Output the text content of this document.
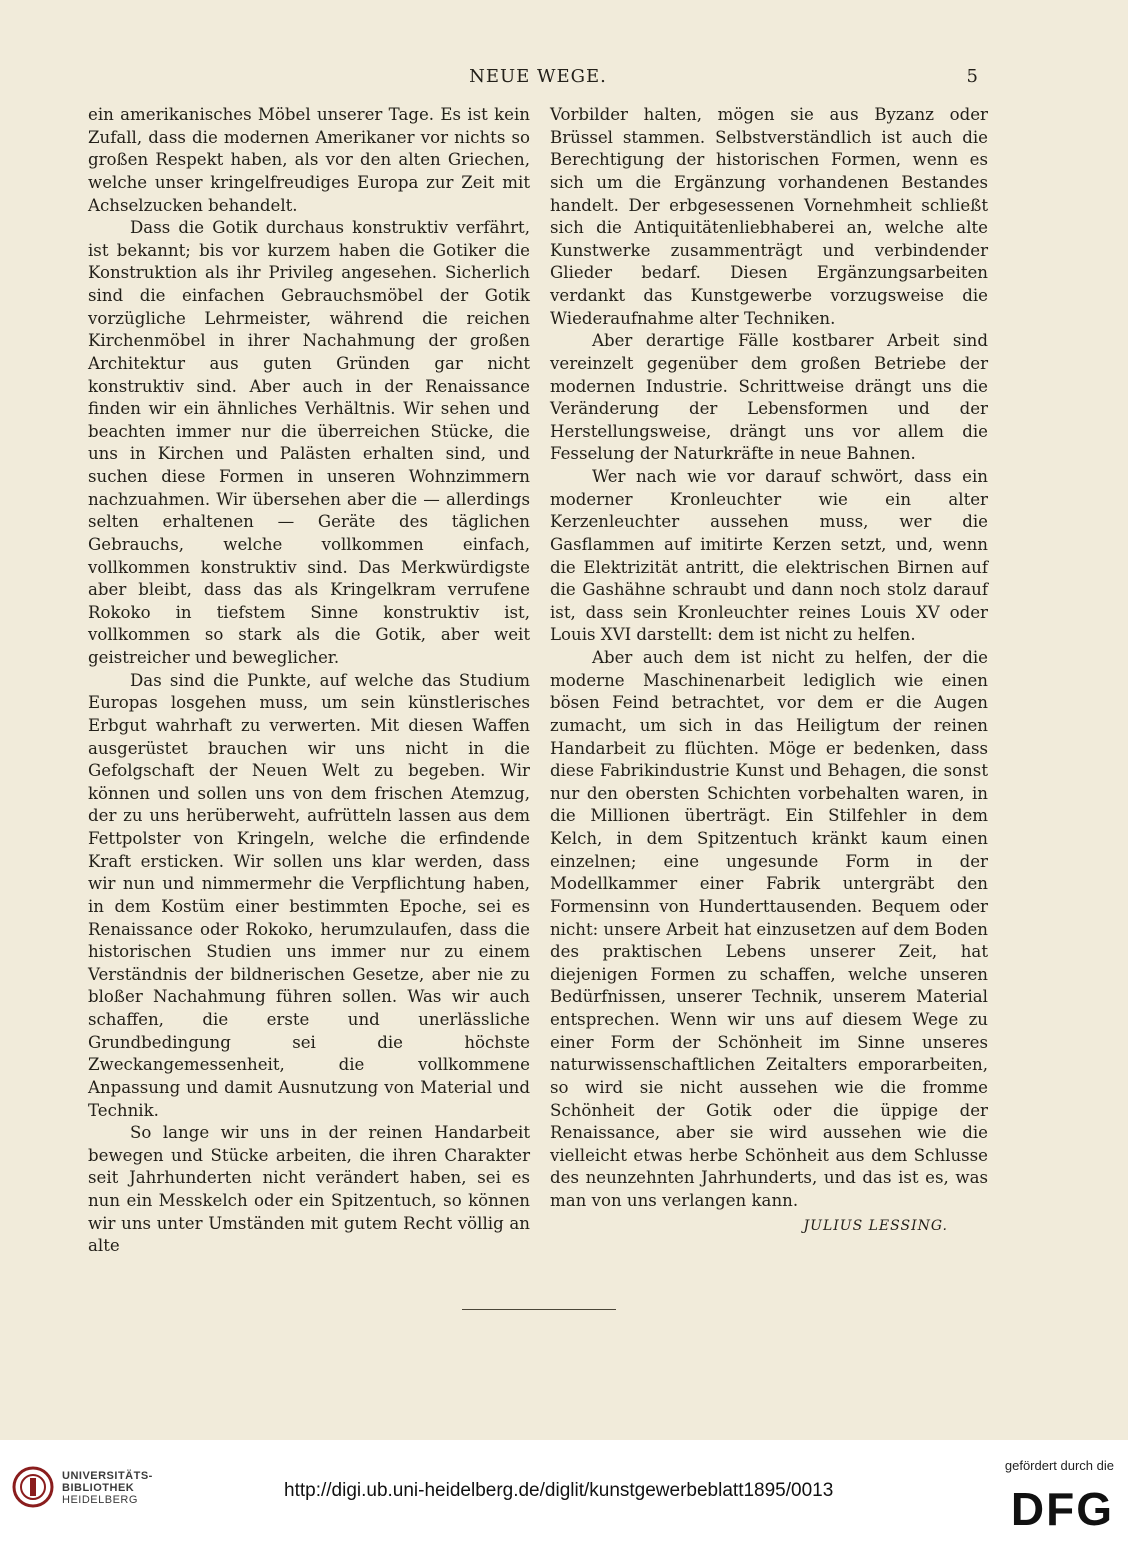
NEUE WEGE.	5

ein amerikanisches Möbel unserer Tage. Es ist kein Zufall, dass die modernen Amerikaner vor nichts so großen Respekt haben, als vor den alten Griechen, welche unser kringelfreudiges Europa zur Zeit mit Achselzucken behandelt.

Dass die Gotik durchaus konstruktiv verfährt, ist bekannt; bis vor kurzem haben die Gotiker die Konstruktion als ihr Privileg angesehen. Sicherlich sind die einfachen Gebrauchsmöbel der Gotik vorzügliche Lehrmeister, während die reichen Kirchenmöbel in ihrer Nachahmung der großen Architektur aus guten Gründen gar nicht konstruktiv sind. Aber auch in der Renaissance finden wir ein ähnliches Verhältnis. Wir sehen und beachten immer nur die überreichen Stücke, die uns in Kirchen und Palästen erhalten sind, und suchen diese Formen in unseren Wohnzimmern nachzuahmen. Wir übersehen aber die — allerdings selten erhaltenen — Geräte des täglichen Gebrauchs, welche vollkommen einfach, vollkommen konstruktiv sind. Das Merkwürdigste aber bleibt, dass das als Kringelkram verrufene Rokoko in tiefstem Sinne konstruktiv ist, vollkommen so stark als die Gotik, aber weit geistreicher und beweglicher.

Das sind die Punkte, auf welche das Studium Europas losgehen muss, um sein künstlerisches Erbgut wahrhaft zu verwerten. Mit diesen Waffen ausgerüstet brauchen wir uns nicht in die Gefolgschaft der Neuen Welt zu begeben. Wir können und sollen uns von dem frischen Atemzug, der zu uns herüberweht, aufrütteln lassen aus dem Fettpolster von Kringeln, welche die erfindende Kraft ersticken. Wir sollen uns klar werden, dass wir nun und nimmermehr die Verpflichtung haben, in dem Kostüm einer bestimmten Epoche, sei es Renaissance oder Rokoko, herumzulaufen, dass die historischen Studien uns immer nur zu einem Verständnis der bildnerischen Gesetze, aber nie zu bloßer Nachahmung führen sollen. Was wir auch schaffen, die erste und unerlässliche Grundbedingung sei die höchste Zweckangemessenheit, die vollkommene Anpassung und damit Ausnutzung von Material und Technik.

So lange wir uns in der reinen Handarbeit bewegen und Stücke arbeiten, die ihren Charakter seit Jahrhunderten nicht verändert haben, sei es nun ein Messkelch oder ein Spitzentuch, so können wir uns unter Umständen mit gutem Recht völlig an alte

Vorbilder halten, mögen sie aus Byzanz oder Brüssel stammen. Selbstverständlich ist auch die Berechtigung der historischen Formen, wenn es sich um die Ergänzung vorhandenen Bestandes handelt. Der erbgesessenen Vornehmheit schließt sich die Antiquitätenliebhaberei an, welche alte Kunstwerke zusammenträgt und verbindender Glieder bedarf. Diesen Ergänzungsarbeiten verdankt das Kunstgewerbe vorzugsweise die Wiederaufnahme alter Techniken.

Aber derartige Fälle kostbarer Arbeit sind vereinzelt gegenüber dem großen Betriebe der modernen Industrie. Schrittweise drängt uns die Veränderung der Lebensformen und der Herstellungsweise, drängt uns vor allem die Fesselung der Naturkräfte in neue Bahnen.

Wer nach wie vor darauf schwört, dass ein moderner Kronleuchter wie ein alter Kerzenleuchter aussehen muss, wer die Gasflammen auf imitirte Kerzen setzt, und, wenn die Elektrizität antritt, die elektrischen Birnen auf die Gashähne schraubt und dann noch stolz darauf ist, dass sein Kronleuchter reines Louis XV oder Louis XVI darstellt: dem ist nicht zu helfen.

Aber auch dem ist nicht zu helfen, der die moderne Maschinenarbeit lediglich wie einen bösen Feind betrachtet, vor dem er die Augen zumacht, um sich in das Heiligtum der reinen Handarbeit zu flüchten. Möge er bedenken, dass diese Fabrikindustrie Kunst und Behagen, die sonst nur den obersten Schichten vorbehalten waren, in die Millionen überträgt. Ein Stilfehler in dem Kelch, in dem Spitzentuch kränkt kaum einen einzelnen; eine ungesunde Form in der Modellkammer einer Fabrik untergräbt den Formensinn von Hunderttausenden. Bequem oder nicht: unsere Arbeit hat einzusetzen auf dem Boden des praktischen Lebens unserer Zeit, hat diejenigen Formen zu schaffen, welche unseren Bedürfnissen, unserer Technik, unserem Material entsprechen. Wenn wir uns auf diesem Wege zu einer Form der Schönheit im Sinne unseres naturwissenschaftlichen Zeitalters emporarbeiten, so wird sie nicht aussehen wie die fromme Schönheit der Gotik oder die üppige der Renaissance, aber sie wird aussehen wie die vielleicht etwas herbe Schönheit aus dem Schlusse des neunzehnten Jahrhunderts, und das ist es, was man von uns verlangen kann.

JULIUS LESSING.
UNIVERSITÄTS-
BIBLIOTHEK
HEIDELBERG	http://digi.ub.uni-heidelberg.de/diglit/kunstgewerbeblatt1895/0013
gefördert durch die
DFG
